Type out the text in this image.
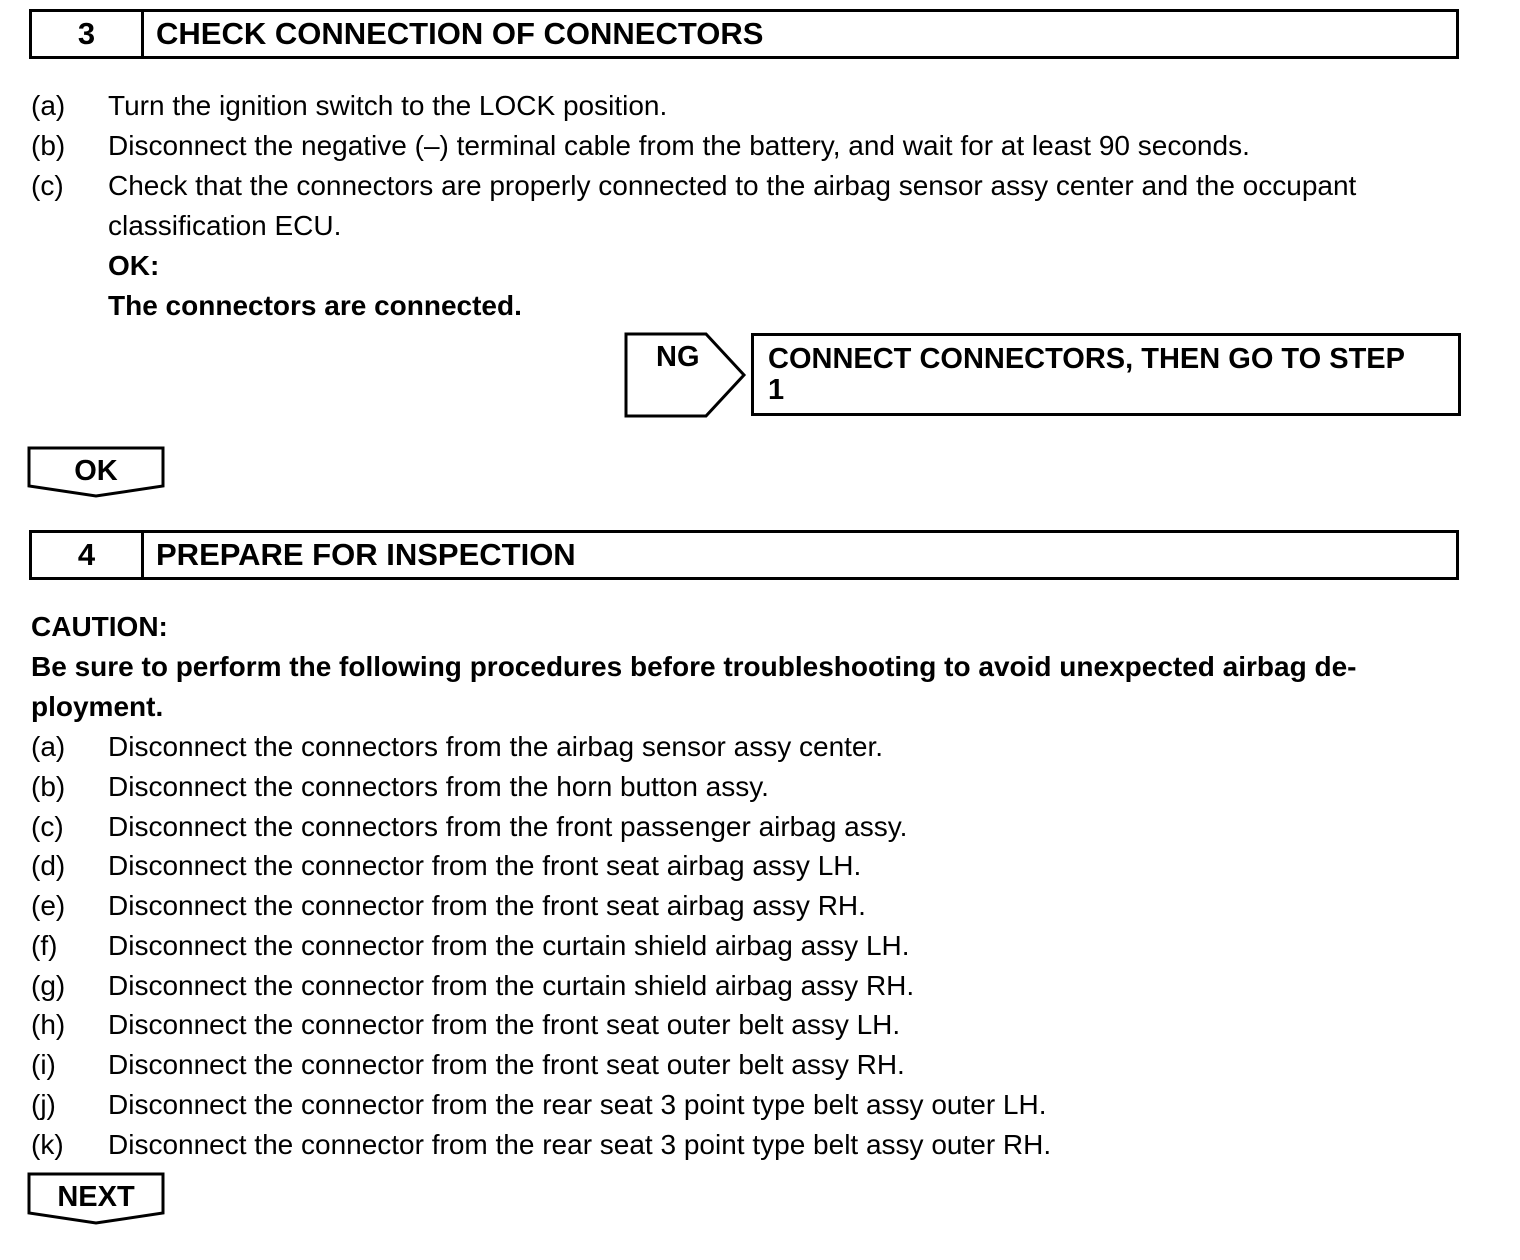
3	CHECK CONNECTION OF CONNECTORS
(a) Turn the ignition switch to the LOCK position.
(b) Disconnect the negative (–) terminal cable from the battery, and wait for at least 90 seconds.
(c) Check that the connectors are properly connected to the airbag sensor assy center and the occupant
classification ECU.
OK:
The connectors are connected.
NG CONNECT CONNECTORS, THEN GO TO STEP
1
OK
4	PREPARE FOR INSPECTION
CAUTION:
Be sure to perform the following procedures before troubleshooting to avoid unexpected airbag de-
ployment.
(a) Disconnect the connectors from the airbag sensor assy center.
(b) Disconnect the connectors from the horn button assy.
(c) Disconnect the connectors from the front passenger airbag assy.
(d) Disconnect the connector from the front seat airbag assy LH.
(e) Disconnect the connector from the front seat airbag assy RH.
(f) Disconnect the connector from the curtain shield airbag assy LH.
(g) Disconnect the connector from the curtain shield airbag assy RH.
(h) Disconnect the connector from the front seat outer belt assy LH.
(i) Disconnect the connector from the front seat outer belt assy RH.
(j) Disconnect the connector from the rear seat 3 point type belt assy outer LH.
(k) Disconnect the connector from the rear seat 3 point type belt assy outer RH.
NEXT
